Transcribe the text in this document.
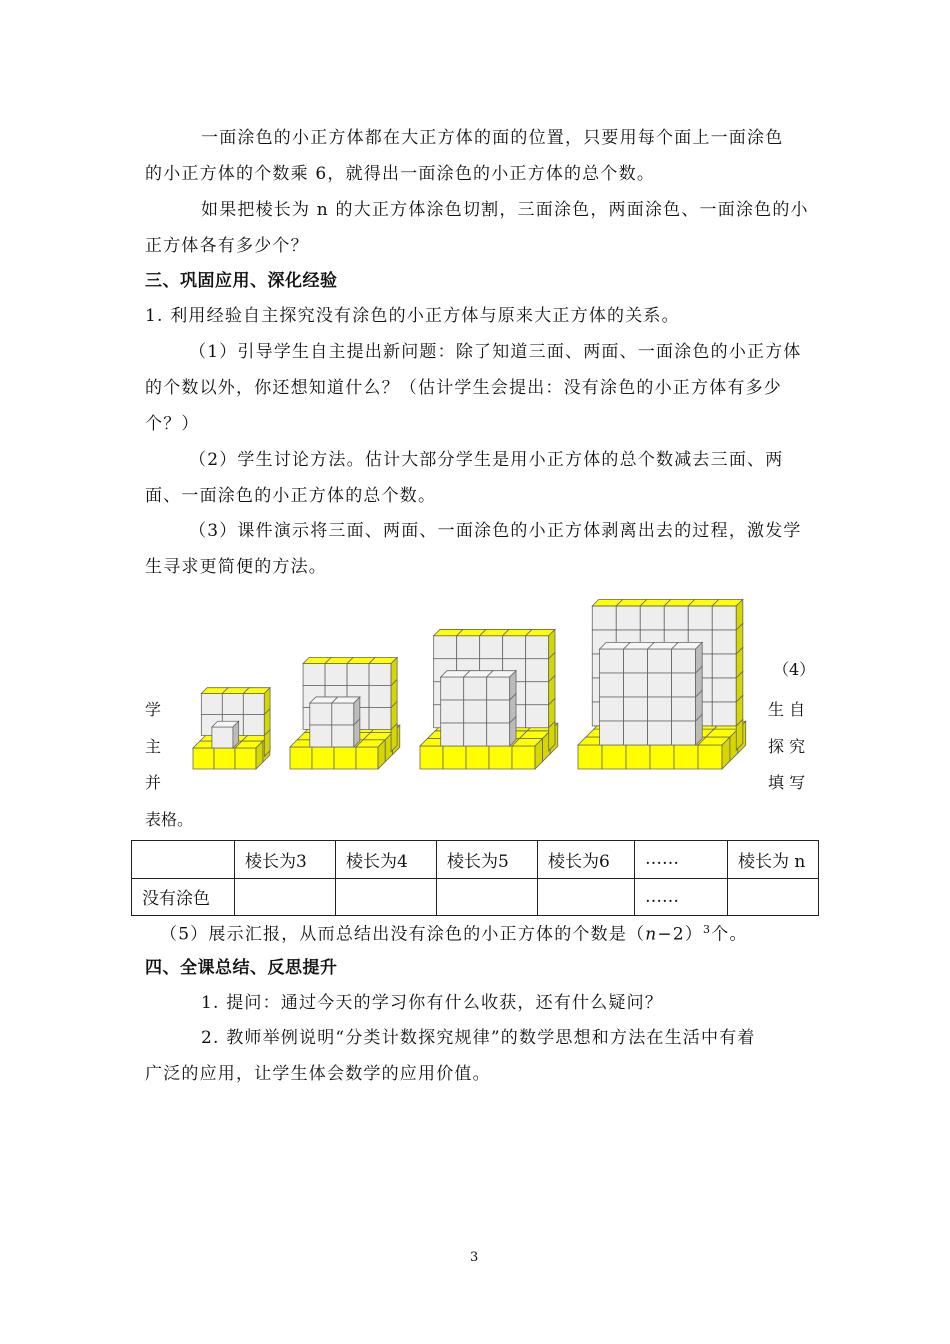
一面涂色的小正方体都在大正方体的面的位置，只要用每个面上一面涂色
的小正方体的个数乘 6，就得出一面涂色的小正方体的总个数。
如果把棱长为 n 的大正方体涂色切割，三面涂色，两面涂色、一面涂色的小
正方体各有多少个？
三、巩固应用、深化经验
1. 利用经验自主探究没有涂色的小正方体与原来大正方体的关系。
（1）引导学生自主提出新问题：除了知道三面、两面、一面涂色的小正方体
的个数以外，你还想知道什么？（估计学生会提出：没有涂色的小正方体有多少
个？）
（2）学生讨论方法。估计大部分学生是用小正方体的总个数减去三面、两
面、一面涂色的小正方体的总个数。
（3）课件演示将三面、两面、一面涂色的小正方体剥离出去的过程，激发学
生寻求更简便的方法。
（4）
生 自
探 究
填 写
学
主
并
表格。
	棱长为3	棱长为4	棱长为5	棱长为6	……	棱长为 n
没有涂色					……	
（5）展示汇报，从而总结出没有涂色的小正方体的个数是$(n-2)^3$个。
四、全课总结、反思提升
1. 提问：通过今天的学习你有什么收获，还有什么疑问？
2. 教师举例说明“分类计数探究规律”的数学思想和方法在生活中有着
广泛的应用，让学生体会数学的应用价值。
3
